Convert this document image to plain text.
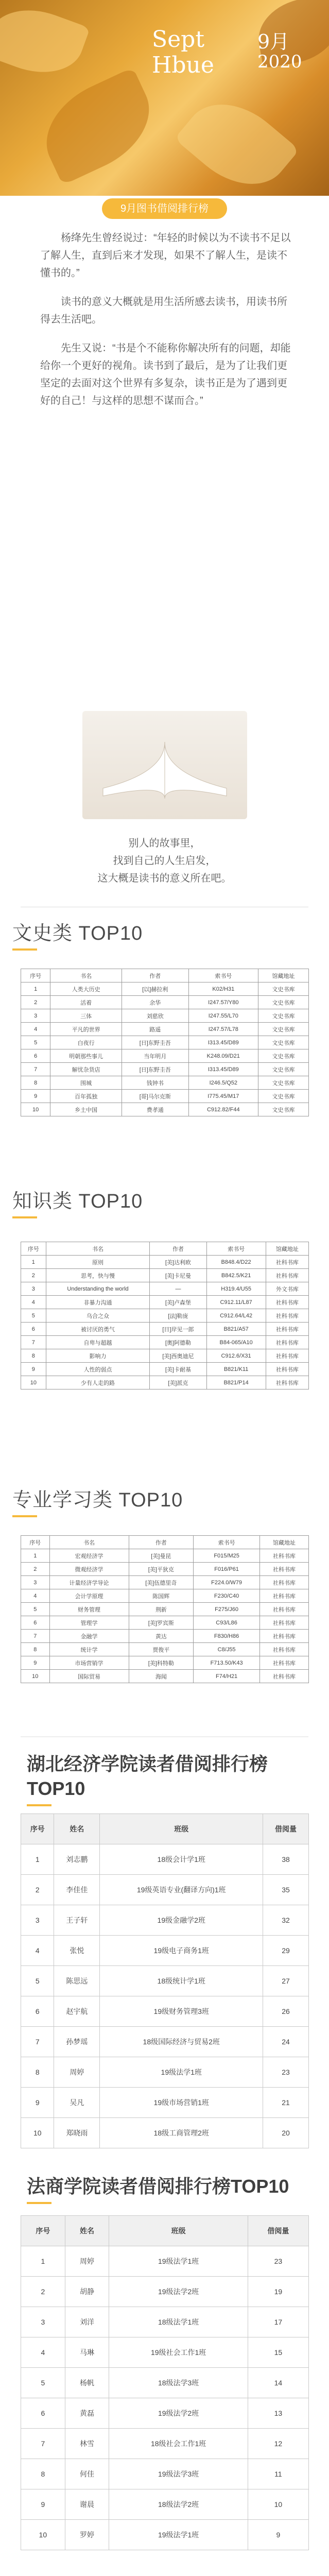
Sept
Hbue
9月
2020
9月图书借阅排行榜

杨绛先生曾经说过：“年轻的时候以为不读书不足以了解人生，直到后来才发现，如果不了解人生，是读不懂书的。”

读书的意义大概就是用生活所感去读书，用读书所得去生活吧。

先生又说：“书是个不能称你解决所有的问题，却能给你一个更好的视角。读书到了最后，是为了让我们更坚定的去面对这个世界有多复杂，读书正是为了遇到更好的自己！与这样的思想不谋而合。”

别人的故事里，
找到自己的人生启发，
这大概是读书的意义所在吧。
文史类 TOP10
序号	书名	作者	索书号	馆藏地址
1	人类大历史	[以]赫拉利	K02/H31	文史书库
2	活着	余华	I247.57/Y80	文史书库
3	三体	刘慈欣	I247.55/L70	文史书库
4	平凡的世界	路遥	I247.57/L78	文史书库
5	白夜行	[日]东野圭吾	I313.45/D89	文史书库
6	明朝那些事儿	当年明月	K248.09/D21	文史书库
7	解忧杂货店	[日]东野圭吾	I313.45/D89	文史书库
8	围城	钱钟书	I246.5/Q52	文史书库
9	百年孤独	[哥]马尔克斯	I775.45/M17	文史书库
10	乡土中国	费孝通	C912.82/F44	文史书库
知识类 TOP10
序号	书名	作者	索书号	馆藏地址
1	原则	[美]达利欧	B848.4/D22	社科书库
2	思考，快与慢	[美]卡尼曼	B842.5/K21	社科书库
3	Understanding the world	—	H319.4/U55	外文书库
4	非暴力沟通	[美]卢森堡	C912.11/L87	社科书库
5	乌合之众	[法]勒庞	C912.64/L42	社科书库
6	被讨厌的勇气	[日]岸见一郎	B821/A57	社科书库
7	自卑与超越	[奥]阿德勒	B84-065/A10	社科书库
8	影响力	[美]西奥迪尼	C912.6/X31	社科书库
9	人性的弱点	[美]卡耐基	B821/K11	社科书库
10	少有人走的路	[美]派克	B821/P14	社科书库
专业学习类 TOP10
序号	书名	作者	索书号	馆藏地址
1	宏观经济学	[美]曼昆	F015/M25	社科书库
2	微观经济学	[美]平狄克	F016/P61	社科书库
3	计量经济学导论	[美]伍德里奇	F224.0/W79	社科书库
4	会计学原理	陈国辉	F230/C40	社科书库
5	财务管理	荆新	F275/J60	社科书库
6	管理学	[美]罗宾斯	C93/L86	社科书库
7	金融学	黄达	F830/H86	社科书库
8	统计学	贾俊平	C8/J55	社科书库
9	市场营销学	[美]科特勒	F713.50/K43	社科书库
10	国际贸易	海闻	F74/H21	社科书库
湖北经济学院读者借阅排行榜
TOP10
序号	姓名	班级	借阅量
1	刘志鹏	18级会计学1班	38
2	李佳佳	19级英语专业(翻译方向)1班	35
3	王子轩	19级金融学2班	32
4	张悦	19级电子商务1班	29
5	陈思远	18级统计学1班	27
6	赵宇航	19级财务管理3班	26
7	孙梦瑶	18级国际经济与贸易2班	24
8	周婷	19级法学1班	23
9	吴凡	19级市场营销1班	21
10	郑晓雨	18级工商管理2班	20
法商学院读者借阅排行榜TOP10
序号	姓名	班级	借阅量
1	周婷	19级法学1班	23
2	胡静	19级法学2班	19
3	刘洋	18级法学1班	17
4	马琳	19级社会工作1班	15
5	杨帆	18级法学3班	14
6	黄磊	19级法学2班	13
7	林雪	18级社会工作1班	12
8	何佳	19级法学3班	11
9	谢晨	18级法学2班	10
10	罗婷	19级法学1班	9
